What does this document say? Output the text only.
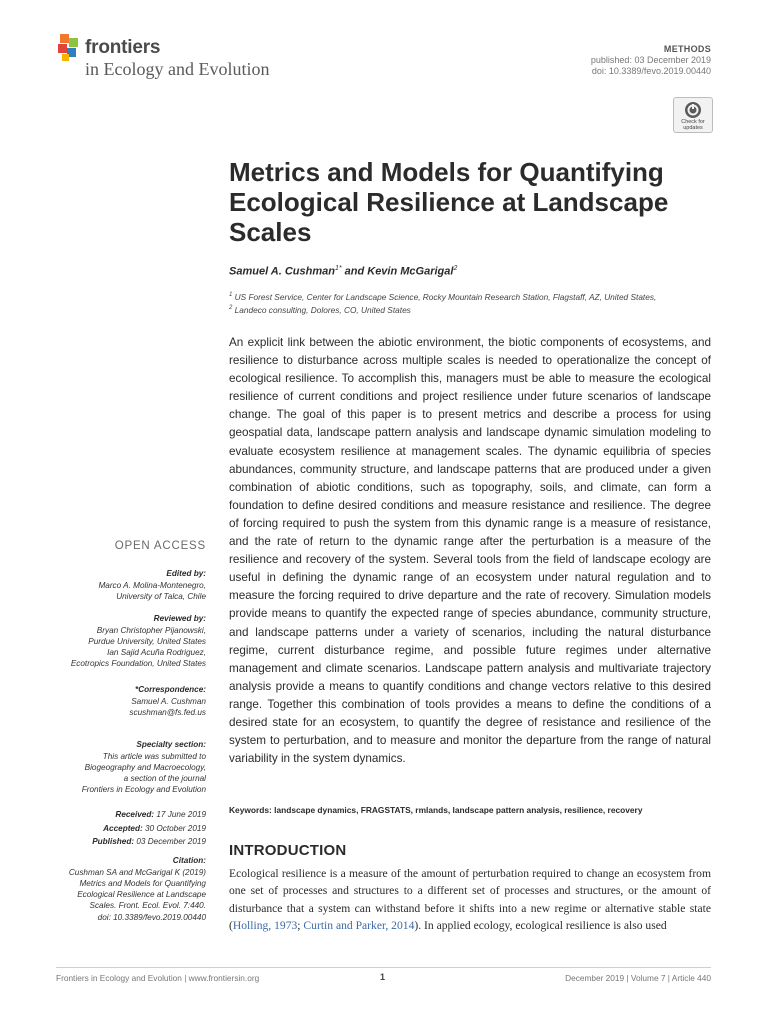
frontiers
in Ecology and Evolution
METHODS
published: 03 December 2019
doi: 10.3389/fevo.2019.00440
Check for
updates
Metrics and Models for Quantifying Ecological Resilience at Landscape Scales
Samuel A. Cushman$^{1*}$ and Kevin McGarigal$^2$
$^1$ US Forest Service, Center for Landscape Science, Rocky Mountain Research Station, Flagstaff, AZ, United States,
$^2$ Landeco consulting, Dolores, CO, United States

An explicit link between the abiotic environment, the biotic components of ecosystems, and resilience to disturbance across multiple scales is needed to operationalize the concept of ecological resilience. To accomplish this, managers must be able to measure the ecological resilience of current conditions and project resilience under future scenarios of landscape change. The goal of this paper is to present metrics and describe a process for using geospatial data, landscape pattern analysis and landscape dynamic simulation modeling to evaluate ecosystem resilience at management scales. The dynamic equilibria of species abundances, community structure, and landscape patterns that are produced under a given combination of abiotic conditions, such as topography, soils, and climate, can form a foundation to define desired conditions and measure resistance and resilience. The degree of forcing required to push the system from this dynamic range is a measure of resistance, and the rate of return to the dynamic range after the perturbation is a measure of the resilience and recovery of the system. Several tools from the field of landscape ecology are useful in defining the dynamic range of an ecosystem under natural regulation and to measure the forcing required to drive departure and the rate of recovery. Simulation models provide means to quantify the expected range of species abundance, community structure, and landscape patterns under a variety of scenarios, including the natural disturbance regime, current disturbance regime, and possible future regimes under alternative management and climate scenarios. Landscape pattern analysis and multivariate trajectory analysis provide a means to quantify conditions and change vectors relative to this desired range. Together this combination of tools provides a means to define the conditions of a desired state for an ecosystem, to quantify the degree of resistance and resilience of the system to perturbation, and to measure and monitor the departure from the range of natural variability in the system dynamics.

Keywords: landscape dynamics, FRAGSTATS, rmlands, landscape pattern analysis, resilience, recovery
INTRODUCTION

Ecological resilience is a measure of the amount of perturbation required to change an ecosystem from one set of processes and structures to a different set of processes and structures, or the amount of disturbance that a system can withstand before it shifts into a new regime or alternative stable state (Holling, 1973; Curtin and Parker, 2014). In applied ecology, ecological resilience is also used

OPEN ACCESS
Edited by:
Marco A. Molina-Montenegro,
University of Talca, Chile
Reviewed by:
Bryan Christopher Pijanowski,
Purdue University, United States
Ian Sajid Acuña Rodriguez,
Ecotropics Foundation, United States
*Correspondence:
Samuel A. Cushman
scushman@fs.fed.us
Specialty section:
This article was submitted to
Biogeography and Macroecology,
a section of the journal
Frontiers in Ecology and Evolution
Received: 17 June 2019
Accepted: 30 October 2019
Published: 03 December 2019
Citation:
Cushman SA and McGarigal K (2019)
Metrics and Models for Quantifying
Ecological Resilience at Landscape
Scales. Front. Ecol. Evol. 7:440.
doi: 10.3389/fevo.2019.00440
Frontiers in Ecology and Evolution | www.frontiersin.org	1	December 2019 | Volume 7 | Article 440
